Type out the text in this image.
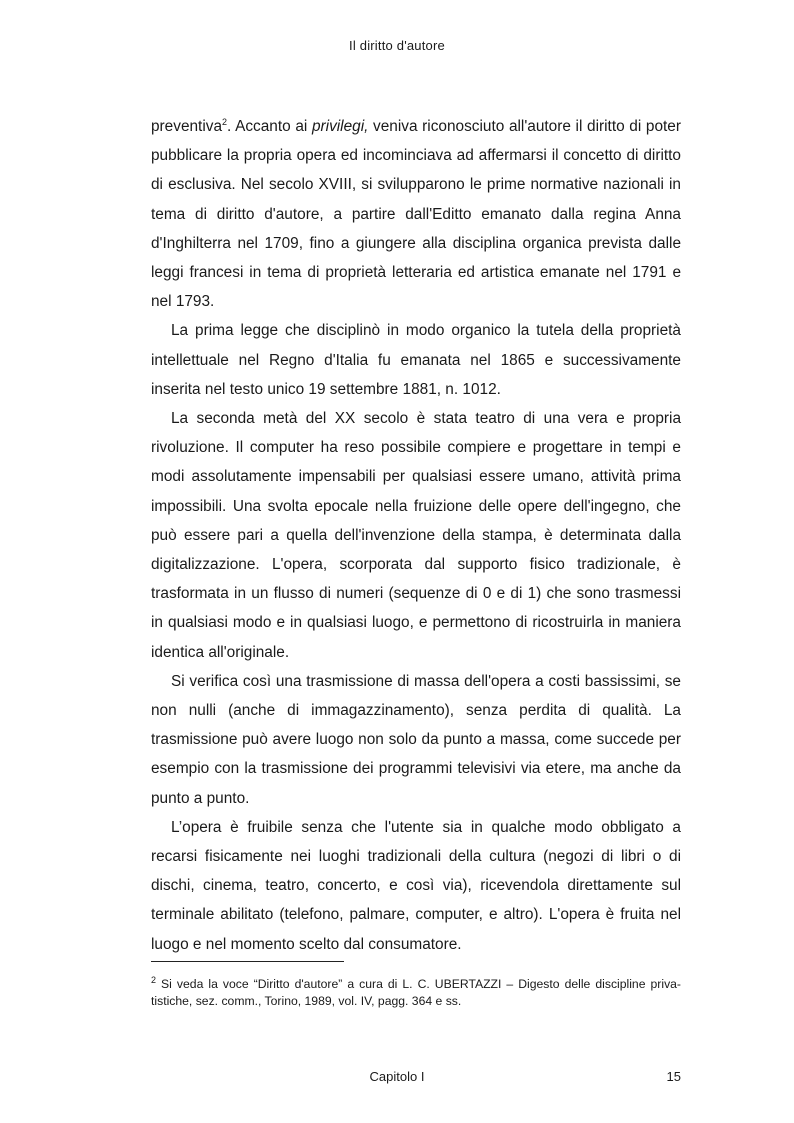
Il diritto d'autore

preventiva$^2$. Accanto ai privilegi, veniva riconosciuto all'autore il diritto di poter pubblicare la propria opera ed incominciava ad affermarsi il concetto di diritto di esclusiva. Nel secolo XVIII, si svilupparono le prime normative nazionali in tema di diritto d'autore, a partire dall'Editto emanato dalla regina Anna d'Inghilterra nel 1709, fino a giungere alla disciplina organica prevista dalle leggi francesi in tema di proprietà letteraria ed artistica emanate nel 1791 e nel 1793.

La prima legge che disciplinò in modo organico la tutela della proprietà intellettuale nel Regno d'Italia fu emanata nel 1865 e successivamente inserita nel testo unico 19 settembre 1881, n. 1012.

La seconda metà del XX secolo è stata teatro di una vera e propria rivoluzione. Il computer ha reso possibile compiere e progettare in tempi e modi assolutamente impensabili per qualsiasi essere umano, attività prima impossibili. Una svolta epocale nella fruizione delle opere dell'ingegno, che può essere pari a quella dell'invenzione della stampa, è determinata dalla digitalizzazione. L'opera, scorporata dal supporto fisico tradizionale, è trasformata in un flusso di numeri (sequenze di 0 e di 1) che sono trasmessi in qualsiasi modo e in qualsiasi luogo, e permettono di ricostruirla in maniera identica all'originale.

Si verifica così una trasmissione di massa dell'opera a costi bassissimi, se non nulli (anche di immagazzinamento), senza perdita di qualità. La trasmissione può avere luogo non solo da punto a massa, come succede per esempio con la trasmissione dei programmi televisivi via etere, ma anche da punto a punto.

L’opera è fruibile senza che l'utente sia in qualche modo obbligato a recarsi fisicamente nei luoghi tradizionali della cultura (negozi di libri o di dischi, cinema, teatro, concerto, e così via), ricevendola direttamente sul terminale abilitato (telefono, palmare, computer, e altro). L'opera è fruita nel luogo e nel momento scelto dal consumatore.

$^2$ Si veda la voce “Diritto d'autore” a cura di L. C. UBERTAZZI – Digesto delle discipline priva-tistiche, sez. comm., Torino, 1989, vol. IV, pagg. 364 e ss.
Capitolo I	15
